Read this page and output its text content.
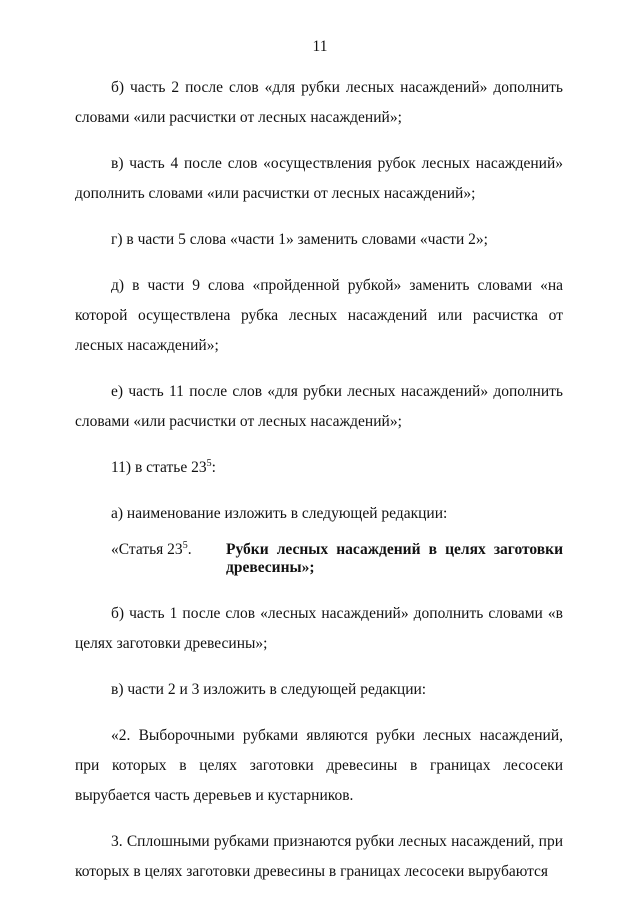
11

б) часть 2 после слов «для рубки лесных насаждений» дополнить словами «или расчистки от лесных насаждений»;

в) часть 4 после слов «осуществления рубок лесных насаждений» дополнить словами «или расчистки от лесных насаждений»;

г) в части 5 слова «части 1» заменить словами «части 2»;

д) в части 9 слова «пройденной рубкой» заменить словами «на которой осуществлена рубка лесных насаждений или расчистка от лесных насаждений»;

е) часть 11 после слов «для рубки лесных насаждений» дополнить словами «или расчистки от лесных насаждений»;

11) в статье $23^5$:

а) наименование изложить в следующей редакции:

«Статья $23^5$.	Рубки лесных насаждений в целях заготовки древесины»;

б) часть 1 после слов «лесных насаждений» дополнить словами «в целях заготовки древесины»;

в) части 2 и 3 изложить в следующей редакции:

«2. Выборочными рубками являются рубки лесных насаждений, при которых в целях заготовки древесины в границах лесосеки вырубается часть деревьев и кустарников.

3. Сплошными рубками признаются рубки лесных насаждений, при которых в целях заготовки древесины в границах лесосеки вырубаются
